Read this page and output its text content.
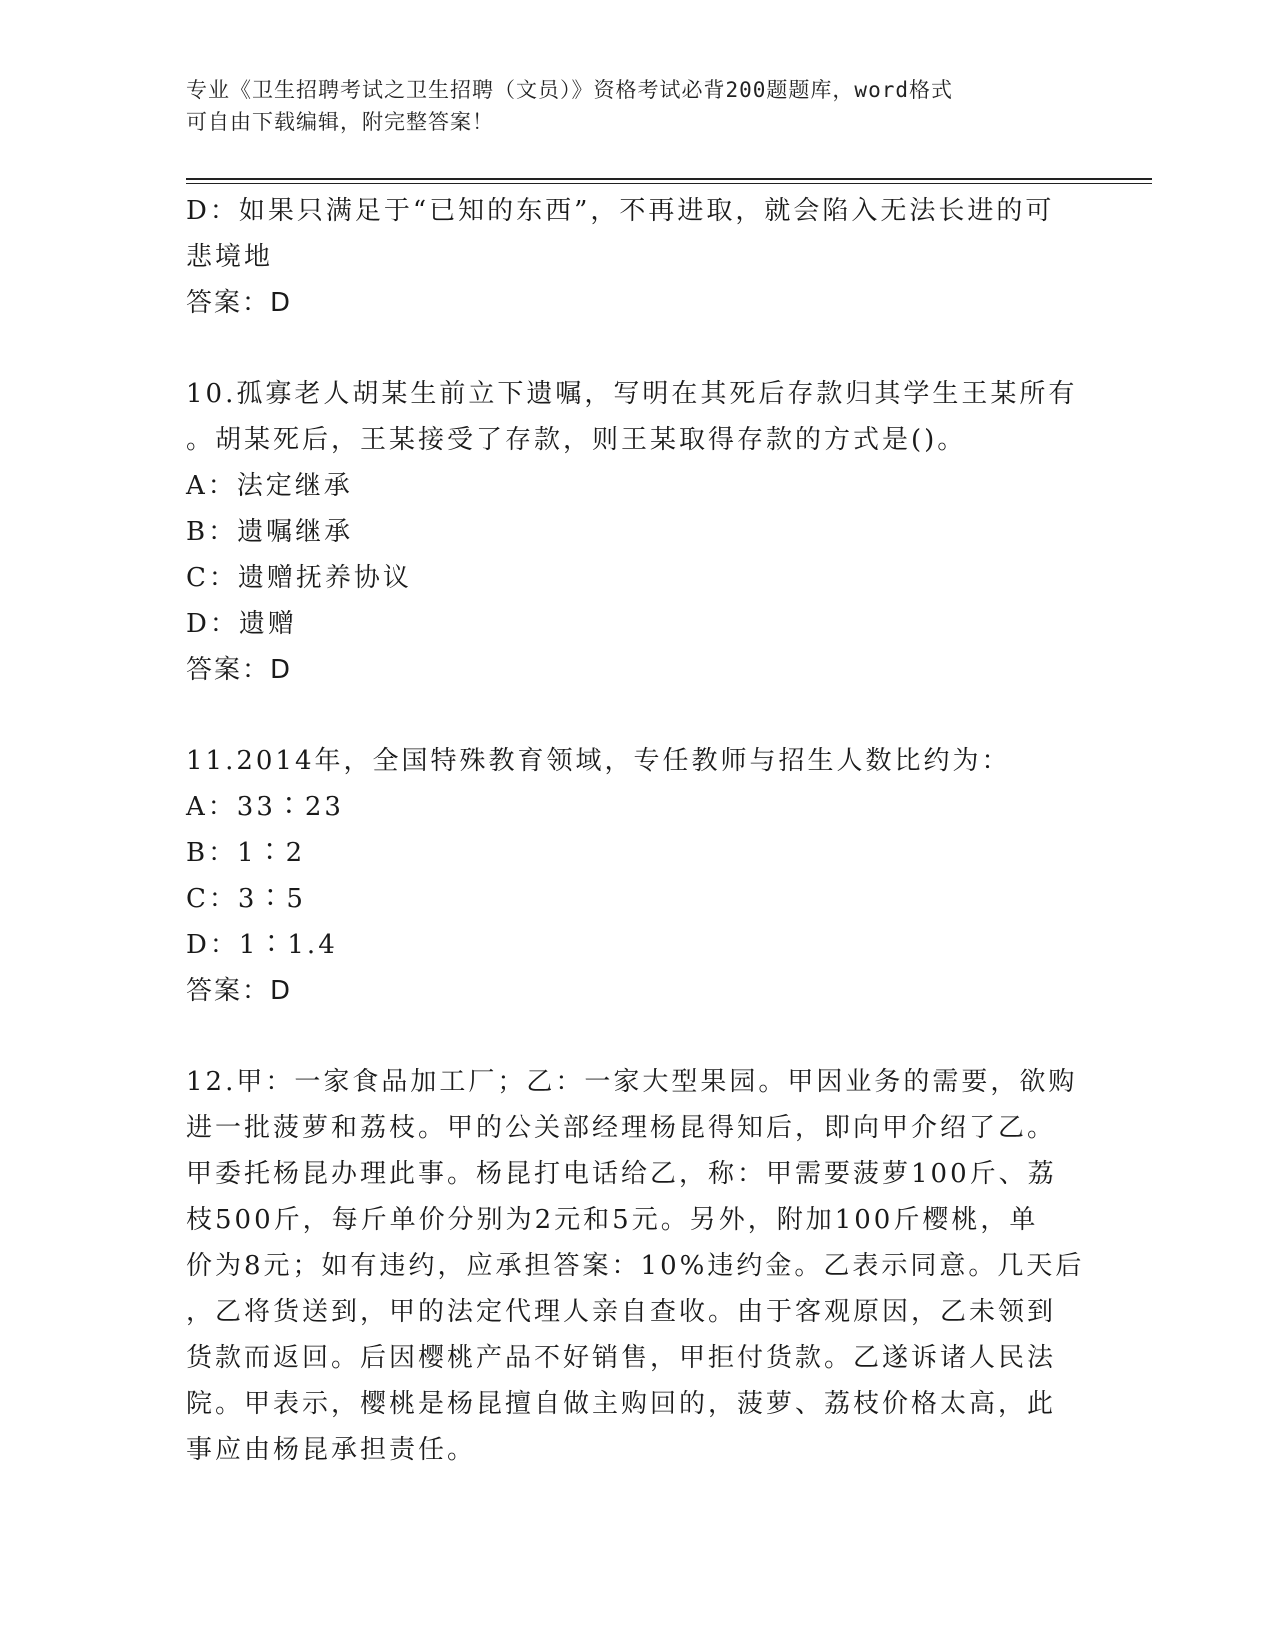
专业《卫生招聘考试之卫生招聘（文员）》资格考试必背200题题库，word格式
可自由下载编辑，附完整答案！
D：如果只满足于“已知的东西”，不再进取，就会陷入无法长进的可
悲境地
答案：D
10.孤寡老人胡某生前立下遗嘱，写明在其死后存款归其学生王某所有
。胡某死后，王某接受了存款，则王某取得存款的方式是()。
A：法定继承
B：遗嘱继承
C：遗赠抚养协议
D：遗赠
答案：D
11.2014年，全国特殊教育领域，专任教师与招生人数比约为：
A：33∶23
B：1∶2
C：3∶5
D：1∶1.4
答案：D
12.甲：一家食品加工厂；乙：一家大型果园。甲因业务的需要，欲购
进一批菠萝和荔枝。甲的公关部经理杨昆得知后，即向甲介绍了乙。
甲委托杨昆办理此事。杨昆打电话给乙，称：甲需要菠萝100斤、荔
枝500斤，每斤单价分别为2元和5元。另外，附加100斤樱桃，单
价为8元；如有违约，应承担答案：10%违约金。乙表示同意。几天后
，乙将货送到，甲的法定代理人亲自查收。由于客观原因，乙未领到
货款而返回。后因樱桃产品不好销售，甲拒付货款。乙遂诉诸人民法
院。甲表示，樱桃是杨昆擅自做主购回的，菠萝、荔枝价格太高，此
事应由杨昆承担责任。
